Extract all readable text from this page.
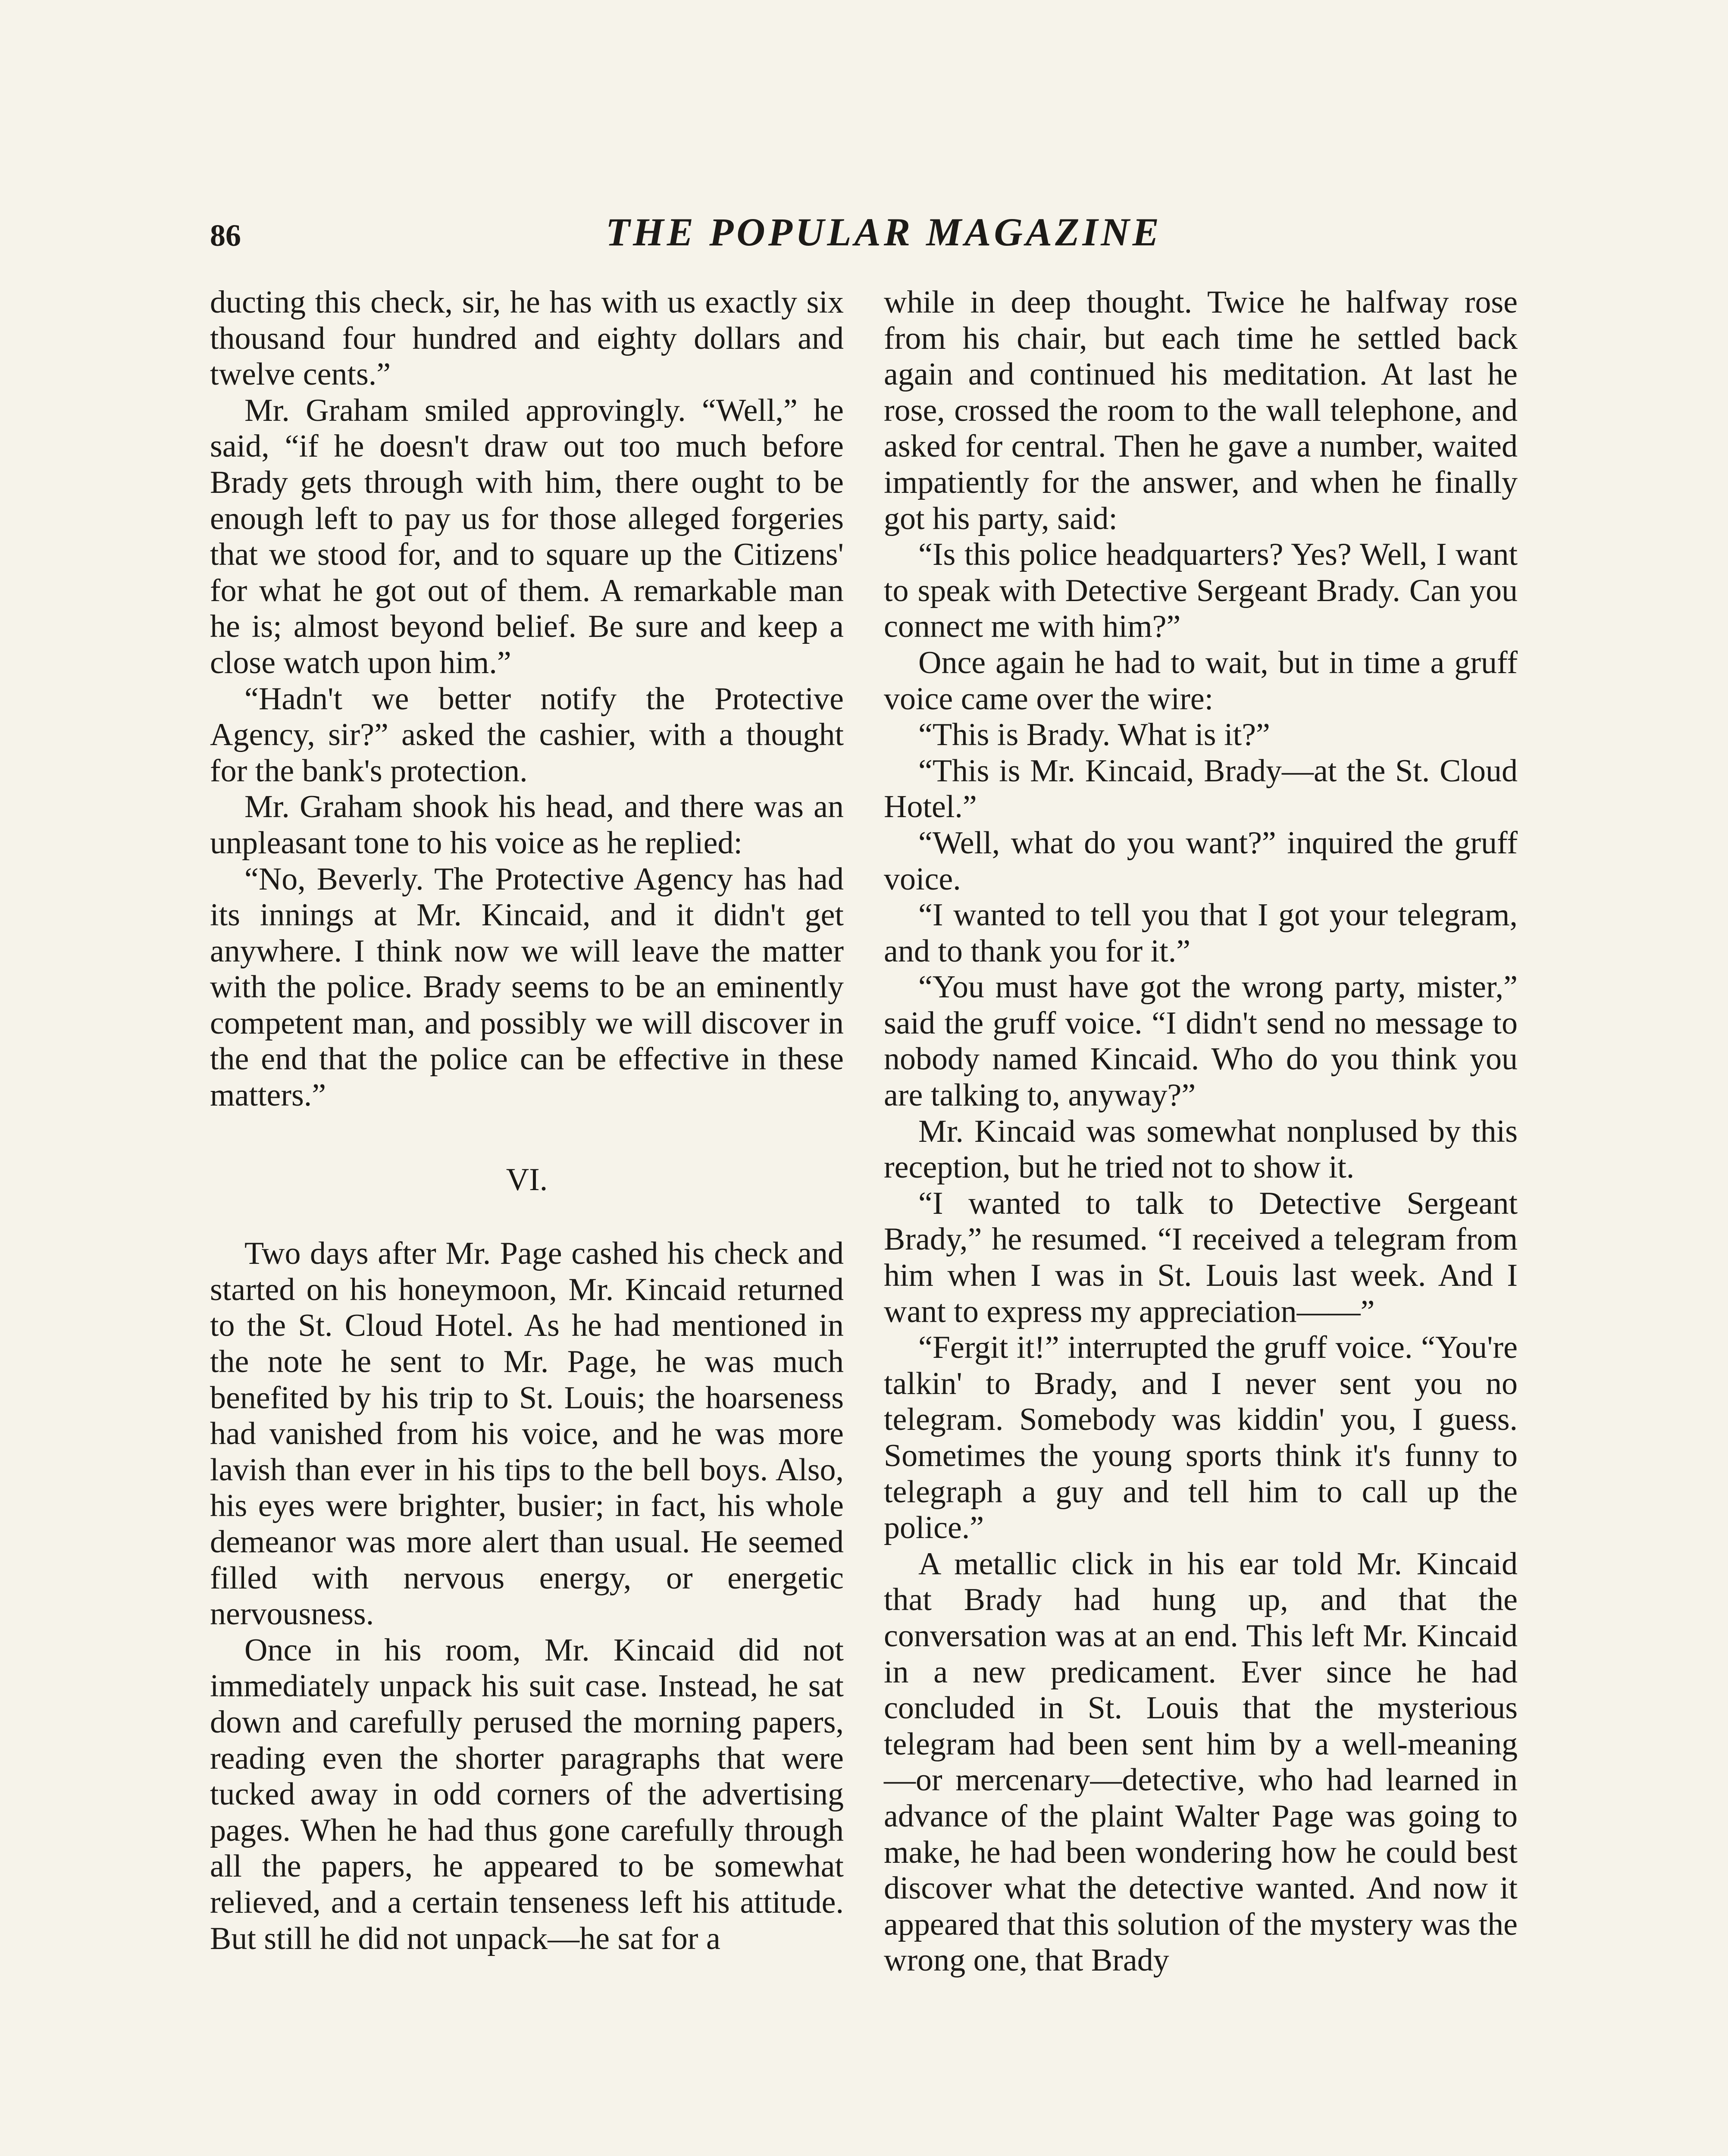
86	THE POPULAR MAGAZINE

ducting this check, sir, he has with us exactly six thousand four hundred and eighty dollars and twelve cents.”

Mr. Graham smiled approvingly. “Well,” he said, “if he doesn't draw out too much before Brady gets through with him, there ought to be enough left to pay us for those alleged forgeries that we stood for, and to square up the Citizens' for what he got out of them. A remarkable man he is; almost beyond belief. Be sure and keep a close watch upon him.”

“Hadn't we better notify the Protective Agency, sir?” asked the cashier, with a thought for the bank's protection.

Mr. Graham shook his head, and there was an unpleasant tone to his voice as he replied:

“No, Beverly. The Protective Agency has had its innings at Mr. Kincaid, and it didn't get anywhere. I think now we will leave the matter with the police. Brady seems to be an eminently competent man, and possibly we will discover in the end that the police can be effective in these matters.”

VI.

Two days after Mr. Page cashed his check and started on his honeymoon, Mr. Kincaid returned to the St. Cloud Hotel. As he had mentioned in the note he sent to Mr. Page, he was much benefited by his trip to St. Louis; the hoarseness had vanished from his voice, and he was more lavish than ever in his tips to the bell boys. Also, his eyes were brighter, busier; in fact, his whole demeanor was more alert than usual. He seemed filled with nervous energy, or energetic nervousness.

Once in his room, Mr. Kincaid did not immediately unpack his suit case. Instead, he sat down and carefully perused the morning papers, reading even the shorter paragraphs that were tucked away in odd corners of the advertising pages. When he had thus gone carefully through all the papers, he appeared to be somewhat relieved, and a certain tenseness left his attitude. But still he did not unpack—he sat for a

while in deep thought. Twice he halfway rose from his chair, but each time he settled back again and continued his meditation. At last he rose, crossed the room to the wall telephone, and asked for central. Then he gave a number, waited impatiently for the answer, and when he finally got his party, said:

“Is this police headquarters? Yes? Well, I want to speak with Detective Sergeant Brady. Can you connect me with him?”

Once again he had to wait, but in time a gruff voice came over the wire:

“This is Brady. What is it?”

“This is Mr. Kincaid, Brady—at the St. Cloud Hotel.”

“Well, what do you want?” inquired the gruff voice.

“I wanted to tell you that I got your telegram, and to thank you for it.”

“You must have got the wrong party, mister,” said the gruff voice. “I didn't send no message to nobody named Kincaid. Who do you think you are talking to, anyway?”

Mr. Kincaid was somewhat nonplused by this reception, but he tried not to show it.

“I wanted to talk to Detective Sergeant Brady,” he resumed. “I received a telegram from him when I was in St. Louis last week. And I want to express my appreciation——”

“Fergit it!” interrupted the gruff voice. “You're talkin' to Brady, and I never sent you no telegram. Somebody was kiddin' you, I guess. Sometimes the young sports think it's funny to telegraph a guy and tell him to call up the police.”

A metallic click in his ear told Mr. Kincaid that Brady had hung up, and that the conversation was at an end. This left Mr. Kincaid in a new predicament. Ever since he had concluded in St. Louis that the mysterious telegram had been sent him by a well-meaning —or mercenary—detective, who had learned in advance of the plaint Walter Page was going to make, he had been wondering how he could best discover what the detective wanted. And now it appeared that this solution of the mystery was the wrong one, that Brady
